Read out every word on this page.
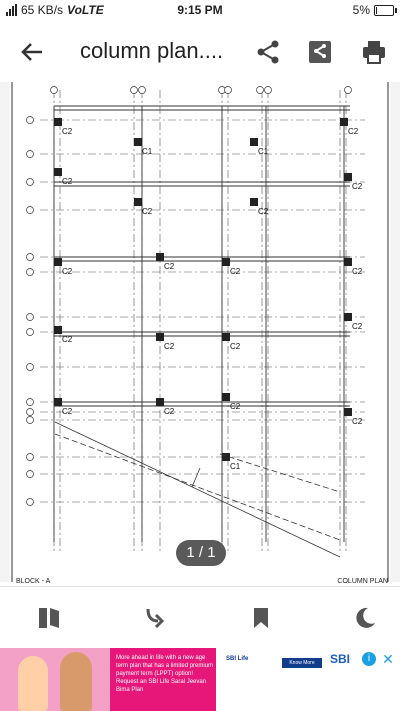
65 KB/s VoLTE	9:15 PM	5%
column plan....
C2
C1	C1
C2
C2
C2
C2	C2
C2
C2
C2	C2
C2
C2
C2	C2
C2	C2
C2
C2
C1
1 / 1
BLOCK - A	COLUMN PLAN
More ahead in life with a new age term plan that has a limited premium payment term (LPPT) option!
Request an SBI Life Saral Jeevan Bima Plan
SBI Life
Know More	SBI	i ✕
